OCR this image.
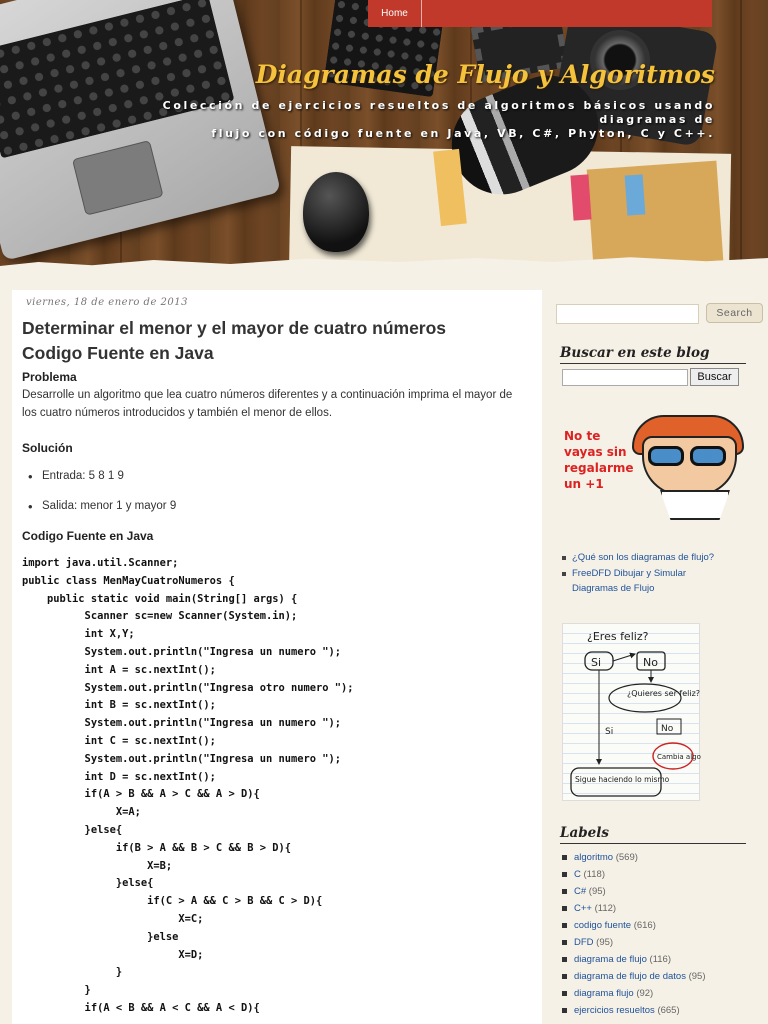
Home
Diagramas de Flujo y Algoritmos
Colección de ejercicios resueltos de algoritmos básicos usando diagramas de
flujo con código fuente en Java, VB, C#, Phyton, C y C++.
viernes, 18 de enero de 2013
Determinar el menor y el mayor de cuatro números
Codigo Fuente en Java
Problema
Desarrolle un algoritmo que lea cuatro números diferentes y a continuación imprima el mayor de los cuatro números introducidos y también el menor de ellos.
Solución
• Entrada: 5 8 1 9
• Salida: menor 1 y mayor 9
Codigo Fuente en Java
import java.util.Scanner;
public class MenMayCuatroNumeros {
public static void main(String[] args) {
Scanner sc=new Scanner(System.in);
int X,Y;
System.out.println("Ingresa un numero ");
int A = sc.nextInt();
System.out.println("Ingresa otro numero ");
int B = sc.nextInt();
System.out.println("Ingresa un numero ");
int C = sc.nextInt();
System.out.println("Ingresa un numero ");
int D = sc.nextInt();
if(A > B && A > C && A > D){
X=A;
}else{
if(B > A && B > C && B > D){
X=B;
}else{
if(C > A && C > B && C > D){
X=C;
}else
X=D;
}
}
if(A < B && A < C && A < D){
Search
Buscar en este blog
Buscar
No te
vayas sin
regalarme
un +1
¿Qué son los diagramas de flujo?
FreeDFD Dibujar y Simular Diagramas de Flujo
¿Eres feliz?
Si	No
¿Quieres ser feliz?
No
Si
Cambia algo
Sigue haciendo lo mismo
Labels
algoritmo (569)
C (118)
C# (95)
C++ (112)
codigo fuente (616)
DFD (95)
diagrama de flujo (116)
diagrama de flujo de datos (95)
diagrama flujo (92)
ejercicios resueltos (665)
